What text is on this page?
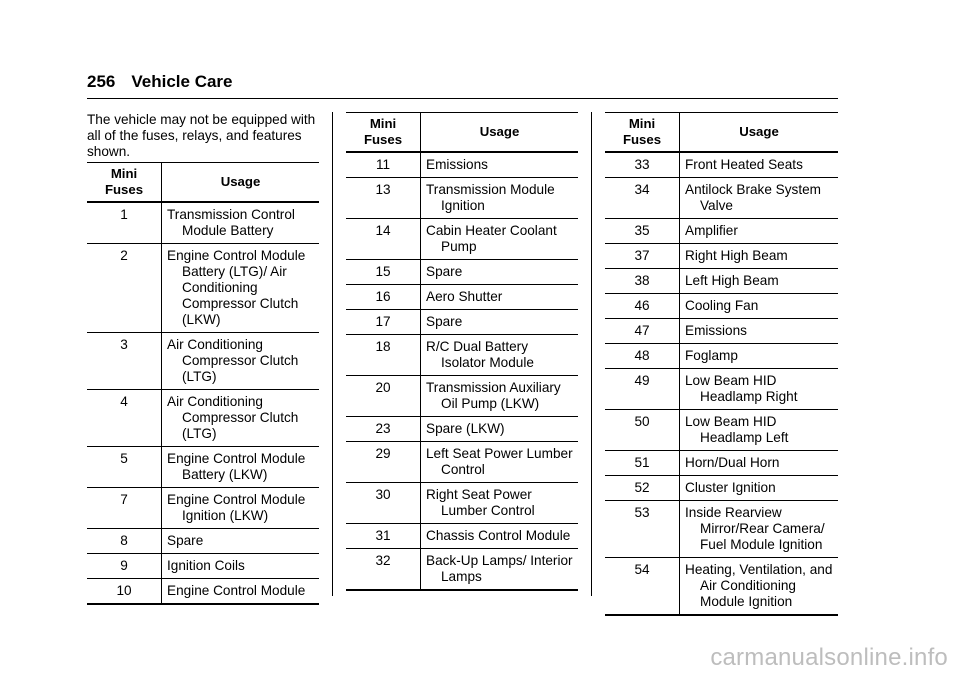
256 Vehicle Care

The vehicle may not be equipped with all of the fuses, relays, and features shown.

Mini
Fuses	Usage
1	Transmission Control Module Battery

2	Engine Control Module Battery (LTG)/ Air Conditioning Compressor Clutch (LKW)

3	Air Conditioning Compressor Clutch (LTG)

4	Air Conditioning Compressor Clutch (LTG)

5	Engine Control Module Battery (LKW)

7	Engine Control Module Ignition (LKW)

8	Spare

9	Ignition Coils

10	Engine Control Module
Mini
Fuses	Usage
11	Emissions

13	Transmission Module Ignition

14	Cabin Heater Coolant Pump

15	Spare

16	Aero Shutter

17	Spare

18	R/C Dual Battery Isolator Module

20	Transmission Auxiliary Oil Pump (LKW)

23	Spare (LKW)

29	Left Seat Power Lumber Control

30	Right Seat Power Lumber Control

31	Chassis Control Module

32	Back-Up Lamps/ Interior Lamps
Mini
Fuses	Usage
33	Front Heated Seats

34	Antilock Brake System Valve

35	Amplifier

37	Right High Beam

38	Left High Beam

46	Cooling Fan

47	Emissions

48	Foglamp

49	Low Beam HID Headlamp Right

50	Low Beam HID Headlamp Left

51	Horn/Dual Horn

52	Cluster Ignition

53	Inside Rearview Mirror/Rear Camera/ Fuel Module Ignition

54	Heating, Ventilation, and Air Conditioning Module Ignition
carmanualsonline.info
